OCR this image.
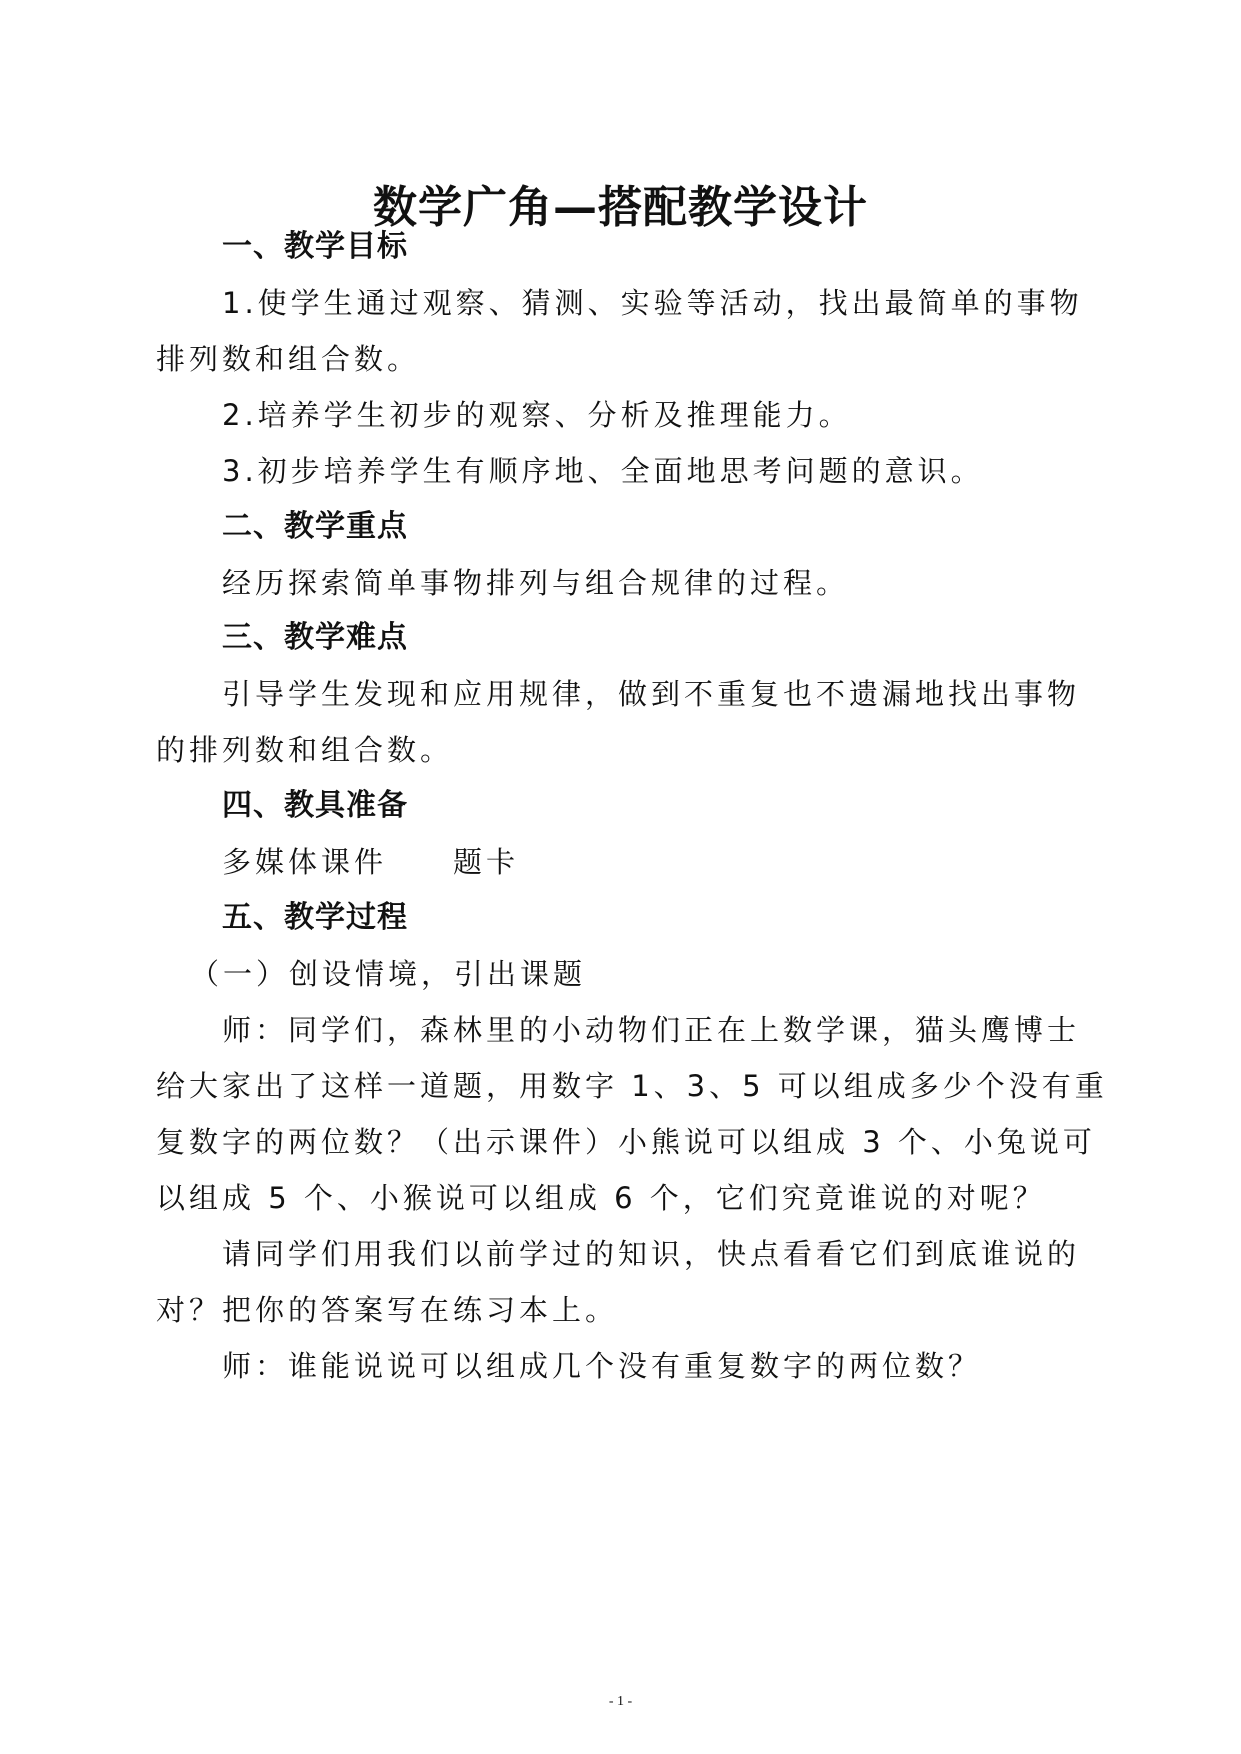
数学广角—搭配教学设计
一、教学目标
1.使学生通过观察、猜测、实验等活动，找出最简单的事物
排列数和组合数。
2.培养学生初步的观察、分析及推理能力。
3.初步培养学生有顺序地、全面地思考问题的意识。
二、教学重点
经历探索简单事物排列与组合规律的过程。
三、教学难点
引导学生发现和应用规律，做到不重复也不遗漏地找出事物
的排列数和组合数。
四、教具准备
多媒体课件　　题卡
五、教学过程
（一）创设情境，引出课题
师：同学们，森林里的小动物们正在上数学课，猫头鹰博士
给大家出了这样一道题，用数字 1、3、5 可以组成多少个没有重
复数字的两位数？（出示课件）小熊说可以组成 3 个、小兔说可
以组成 5 个、小猴说可以组成 6 个，它们究竟谁说的对呢？
请同学们用我们以前学过的知识，快点看看它们到底谁说的
对？把你的答案写在练习本上。
师：谁能说说可以组成几个没有重复数字的两位数？
- 1 -
